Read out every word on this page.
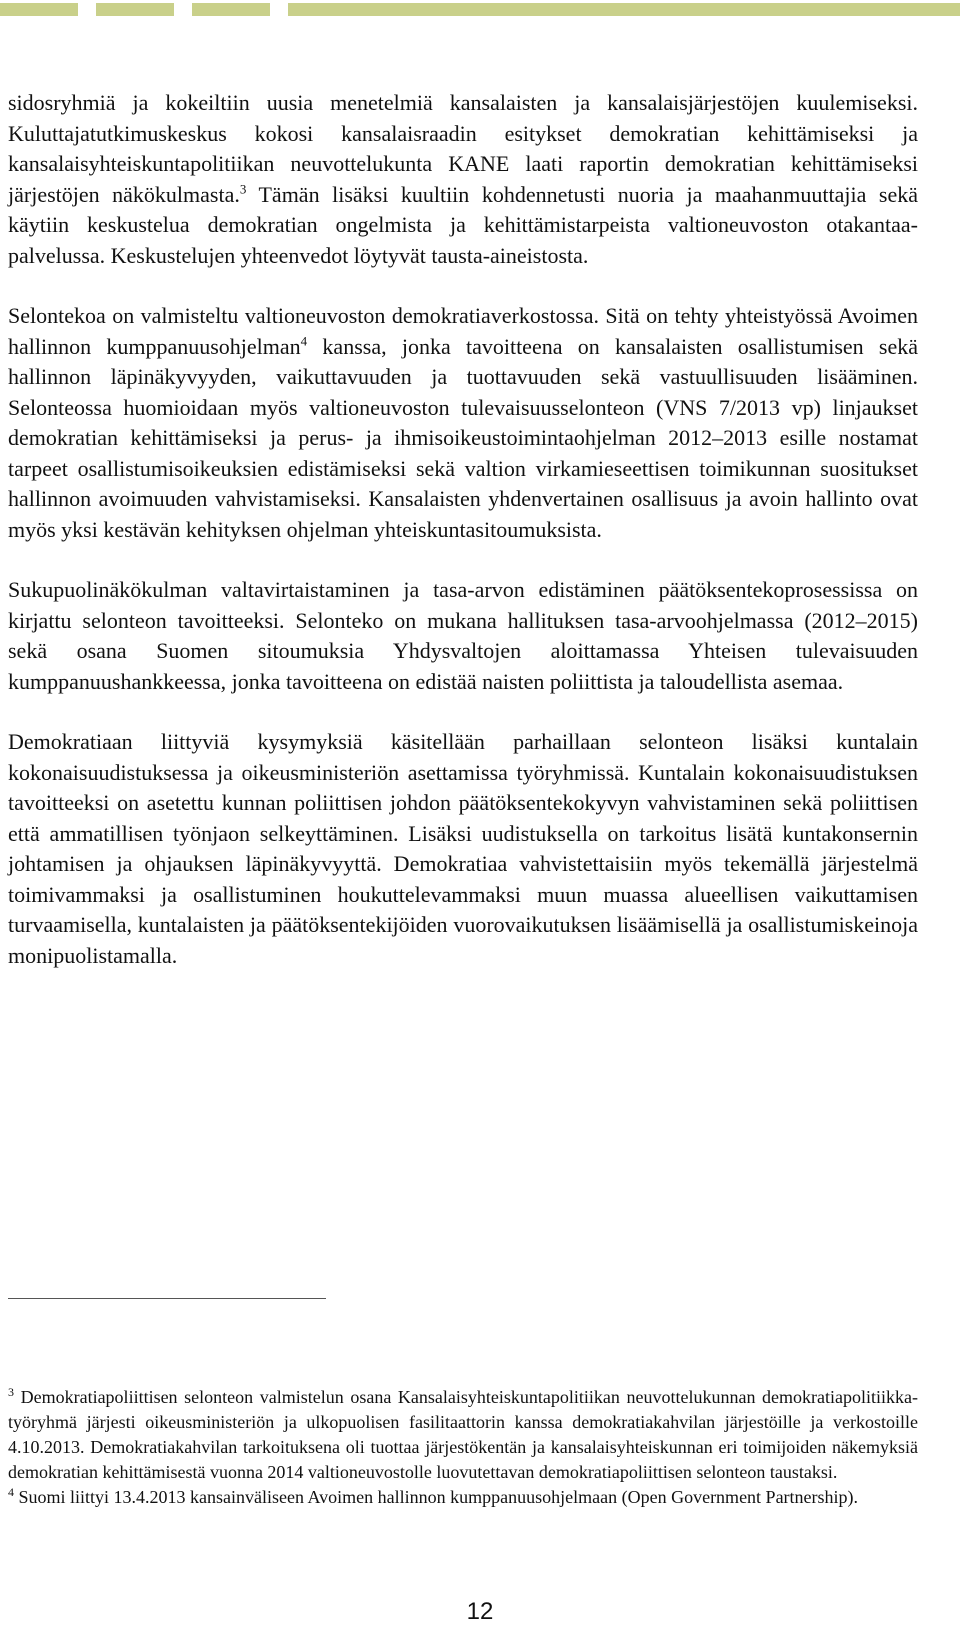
sidosryhmiä ja kokeiltiin uusia menetelmiä kansalaisten ja kansalaisjärjestöjen kuulemiseksi. Kuluttajatutkimuskeskus kokosi kansalaisraadin esitykset demokratian kehittämiseksi ja kansalaisyhteiskuntapolitiikan neuvottelukunta KANE laati raportin demokratian kehittämiseksi järjestöjen näkökulmasta.$^3$ Tämän lisäksi kuultiin kohdennetusti nuoria ja maahanmuuttajia sekä käytiin keskustelua demokratian ongelmista ja kehittämistarpeista valtioneuvoston otakantaa-palvelussa. Keskustelujen yhteenvedot löytyvät tausta-aineistosta.

Selontekoa on valmisteltu valtioneuvoston demokratiaverkostossa. Sitä on tehty yhteistyössä Avoimen hallinnon kumppanuusohjelman$^4$ kanssa, jonka tavoitteena on kansalaisten osallistumisen sekä hallinnon läpinäkyvyyden, vaikuttavuuden ja tuottavuuden sekä vastuullisuuden lisääminen. Selonteossa huomioidaan myös valtioneuvoston tulevaisuusselonteon (VNS 7/2013 vp) linjaukset demokratian kehittämiseksi ja perus- ja ihmisoikeustoimintaohjelman 2012–2013 esille nostamat tarpeet osallistumisoikeuksien edistämiseksi sekä valtion virkamieseettisen toimikunnan suositukset hallinnon avoimuuden vahvistamiseksi. Kansalaisten yhdenvertainen osallisuus ja avoin hallinto ovat myös yksi kestävän kehityksen ohjelman yhteiskuntasitoumuksista.

Sukupuolinäkökulman valtavirtaistaminen ja tasa-arvon edistäminen päätöksentekoprosessissa on kirjattu selonteon tavoitteeksi. Selonteko on mukana hallituksen tasa-arvoohjelmassa (2012–2015) sekä osana Suomen sitoumuksia Yhdysvaltojen aloittamassa Yhteisen tulevaisuuden kumppanuushankkeessa, jonka tavoitteena on edistää naisten poliittista ja taloudellista asemaa.

Demokratiaan liittyviä kysymyksiä käsitellään parhaillaan selonteon lisäksi kuntalain kokonaisuudistuksessa ja oikeusministeriön asettamissa työryhmissä. Kuntalain kokonaisuudistuksen tavoitteeksi on asetettu kunnan poliittisen johdon päätöksentekokyvyn vahvistaminen sekä poliittisen että ammatillisen työnjaon selkeyttäminen. Lisäksi uudistuksella on tarkoitus lisätä kuntakonsernin johtamisen ja ohjauksen läpinäkyvyyttä. Demokratiaa vahvistettaisiin myös tekemällä järjestelmä toimivammaksi ja osallistuminen houkuttelevammaksi muun muassa alueellisen vaikuttamisen turvaamisella, kuntalaisten ja päätöksentekijöiden vuorovaikutuksen lisäämisellä ja osallistumiskeinoja monipuolistamalla.

$^3$ Demokratiapoliittisen selonteon valmistelun osana Kansalaisyhteiskuntapolitiikan neuvottelukunnan demokratiapolitiikka-työryhmä järjesti oikeusministeriön ja ulkopuolisen fasilitaattorin kanssa demokratiakahvilan järjestöille ja verkostoille 4.10.2013. Demokratiakahvilan tarkoituksena oli tuottaa järjestökentän ja kansalaisyhteiskunnan eri toimijoiden näkemyksiä demokratian kehittämisestä vuonna 2014 valtioneuvostolle luovutettavan demokratiapoliittisen selonteon taustaksi.

$^4$ Suomi liittyi 13.4.2013 kansainväliseen Avoimen hallinnon kumppanuusohjelmaan (Open Government Partnership).

12
